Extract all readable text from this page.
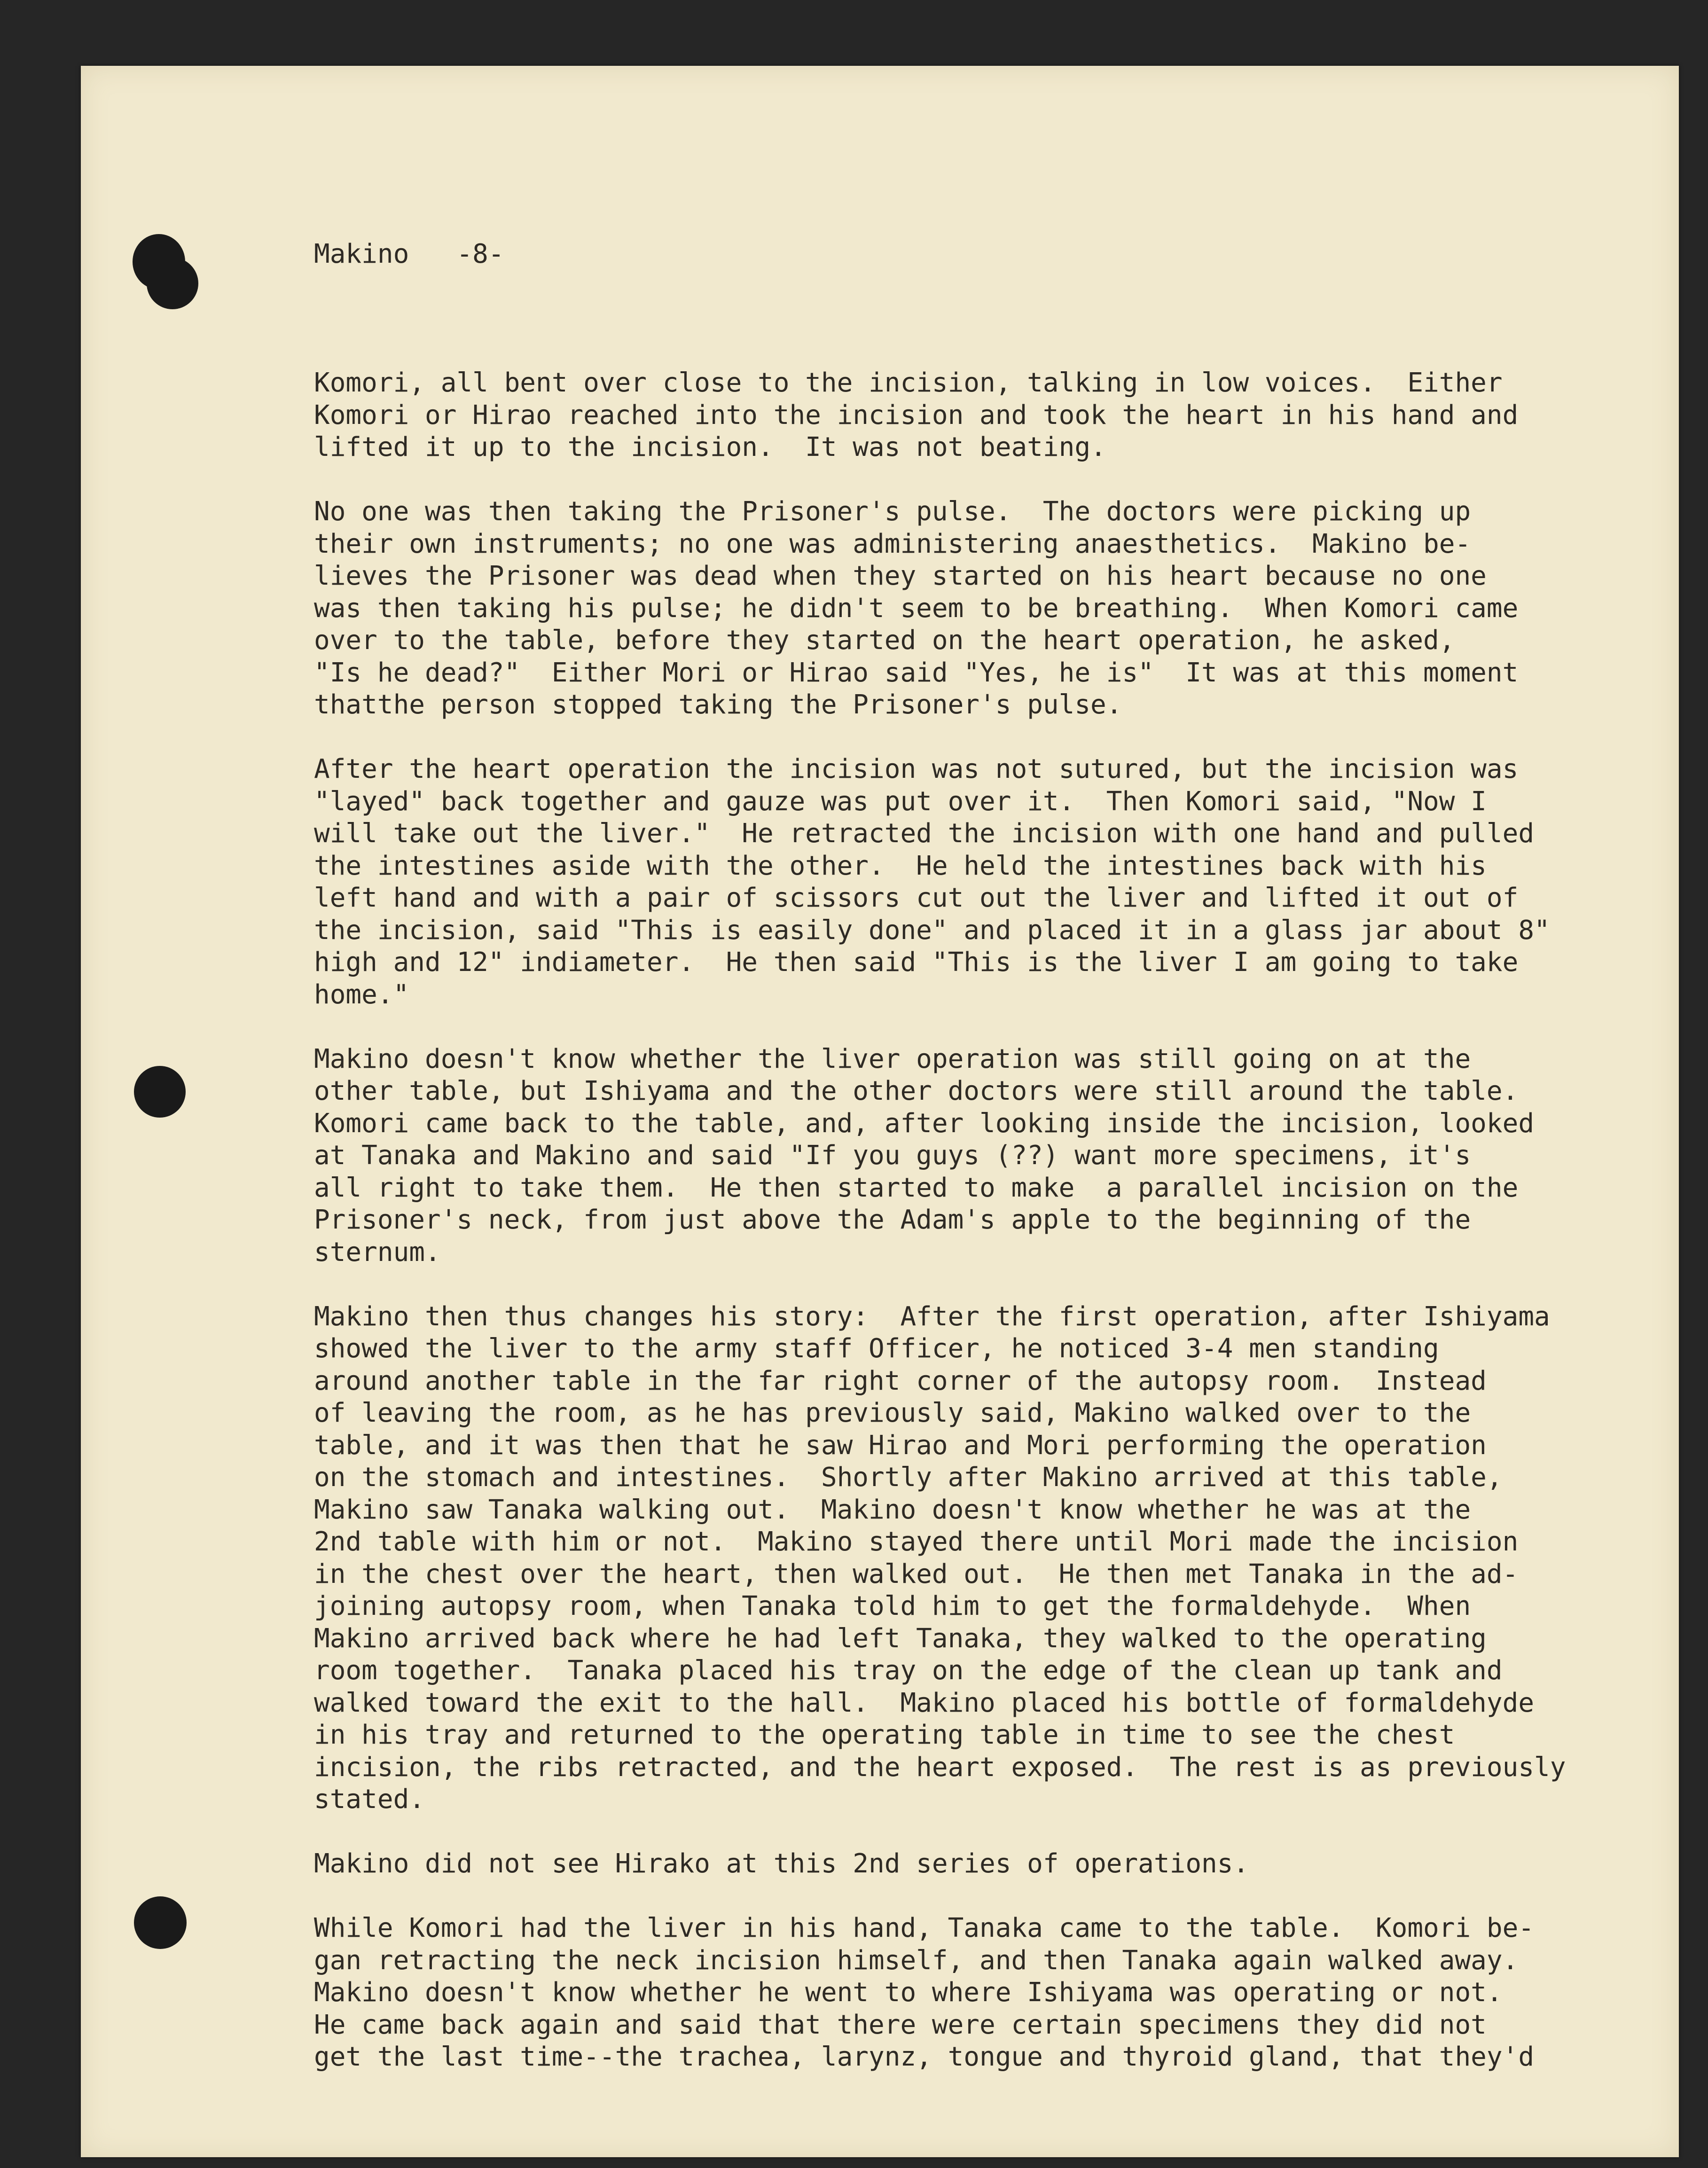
Makino -8-

Komori, all bent over close to the incision, talking in low voices.  Either
Komori or Hirao reached into the incision and took the heart in his hand and
lifted it up to the incision.  It was not beating.
No one was then taking the Prisoner's pulse.  The doctors were picking up
their own instruments; no one was administering anaesthetics.  Makino be-
lieves the Prisoner was dead when they started on his heart because no one
was then taking his pulse; he didn't seem to be breathing.  When Komori came
over to the table, before they started on the heart operation, he asked,
"Is he dead?"  Either Mori or Hirao said "Yes, he is"  It was at this moment
thatthe person stopped taking the Prisoner's pulse.
After the heart operation the incision was not sutured, but the incision was
"layed" back together and gauze was put over it.  Then Komori said, "Now I
will take out the liver."  He retracted the incision with one hand and pulled
the intestines aside with the other.  He held the intestines back with his
left hand and with a pair of scissors cut out the liver and lifted it out of
the incision, said "This is easily done" and placed it in a glass jar about 8"
high and 12" indiameter.  He then said "This is the liver I am going to take
home."
Makino doesn't know whether the liver operation was still going on at the
other table, but Ishiyama and the other doctors were still around the table.
Komori came back to the table, and, after looking inside the incision, looked
at Tanaka and Makino and said "If you guys (??) want more specimens, it's
all right to take them.  He then started to make  a parallel incision on the
Prisoner's neck, from just above the Adam's apple to the beginning of the
sternum.
Makino then thus changes his story:  After the first operation, after Ishiyama
showed the liver to the army staff Officer, he noticed 3-4 men standing
around another table in the far right corner of the autopsy room.  Instead
of leaving the room, as he has previously said, Makino walked over to the
table, and it was then that he saw Hirao and Mori performing the operation
on the stomach and intestines.  Shortly after Makino arrived at this table,
Makino saw Tanaka walking out.  Makino doesn't know whether he was at the
2nd table with him or not.  Makino stayed there until Mori made the incision
in the chest over the heart, then walked out.  He then met Tanaka in the ad-
joining autopsy room, when Tanaka told him to get the formaldehyde.  When
Makino arrived back where he had left Tanaka, they walked to the operating
room together.  Tanaka placed his tray on the edge of the clean up tank and
walked toward the exit to the hall.  Makino placed his bottle of formaldehyde
in his tray and returned to the operating table in time to see the chest
incision, the ribs retracted, and the heart exposed.  The rest is as previously
stated.
Makino did not see Hirako at this 2nd series of operations.
While Komori had the liver in his hand, Tanaka came to the table.  Komori be-
gan retracting the neck incision himself, and then Tanaka again walked away.
Makino doesn't know whether he went to where Ishiyama was operating or not.
He came back again and said that there were certain specimens they did not
get the last time--the trachea, larynz, tongue and thyroid gland, that they'd
